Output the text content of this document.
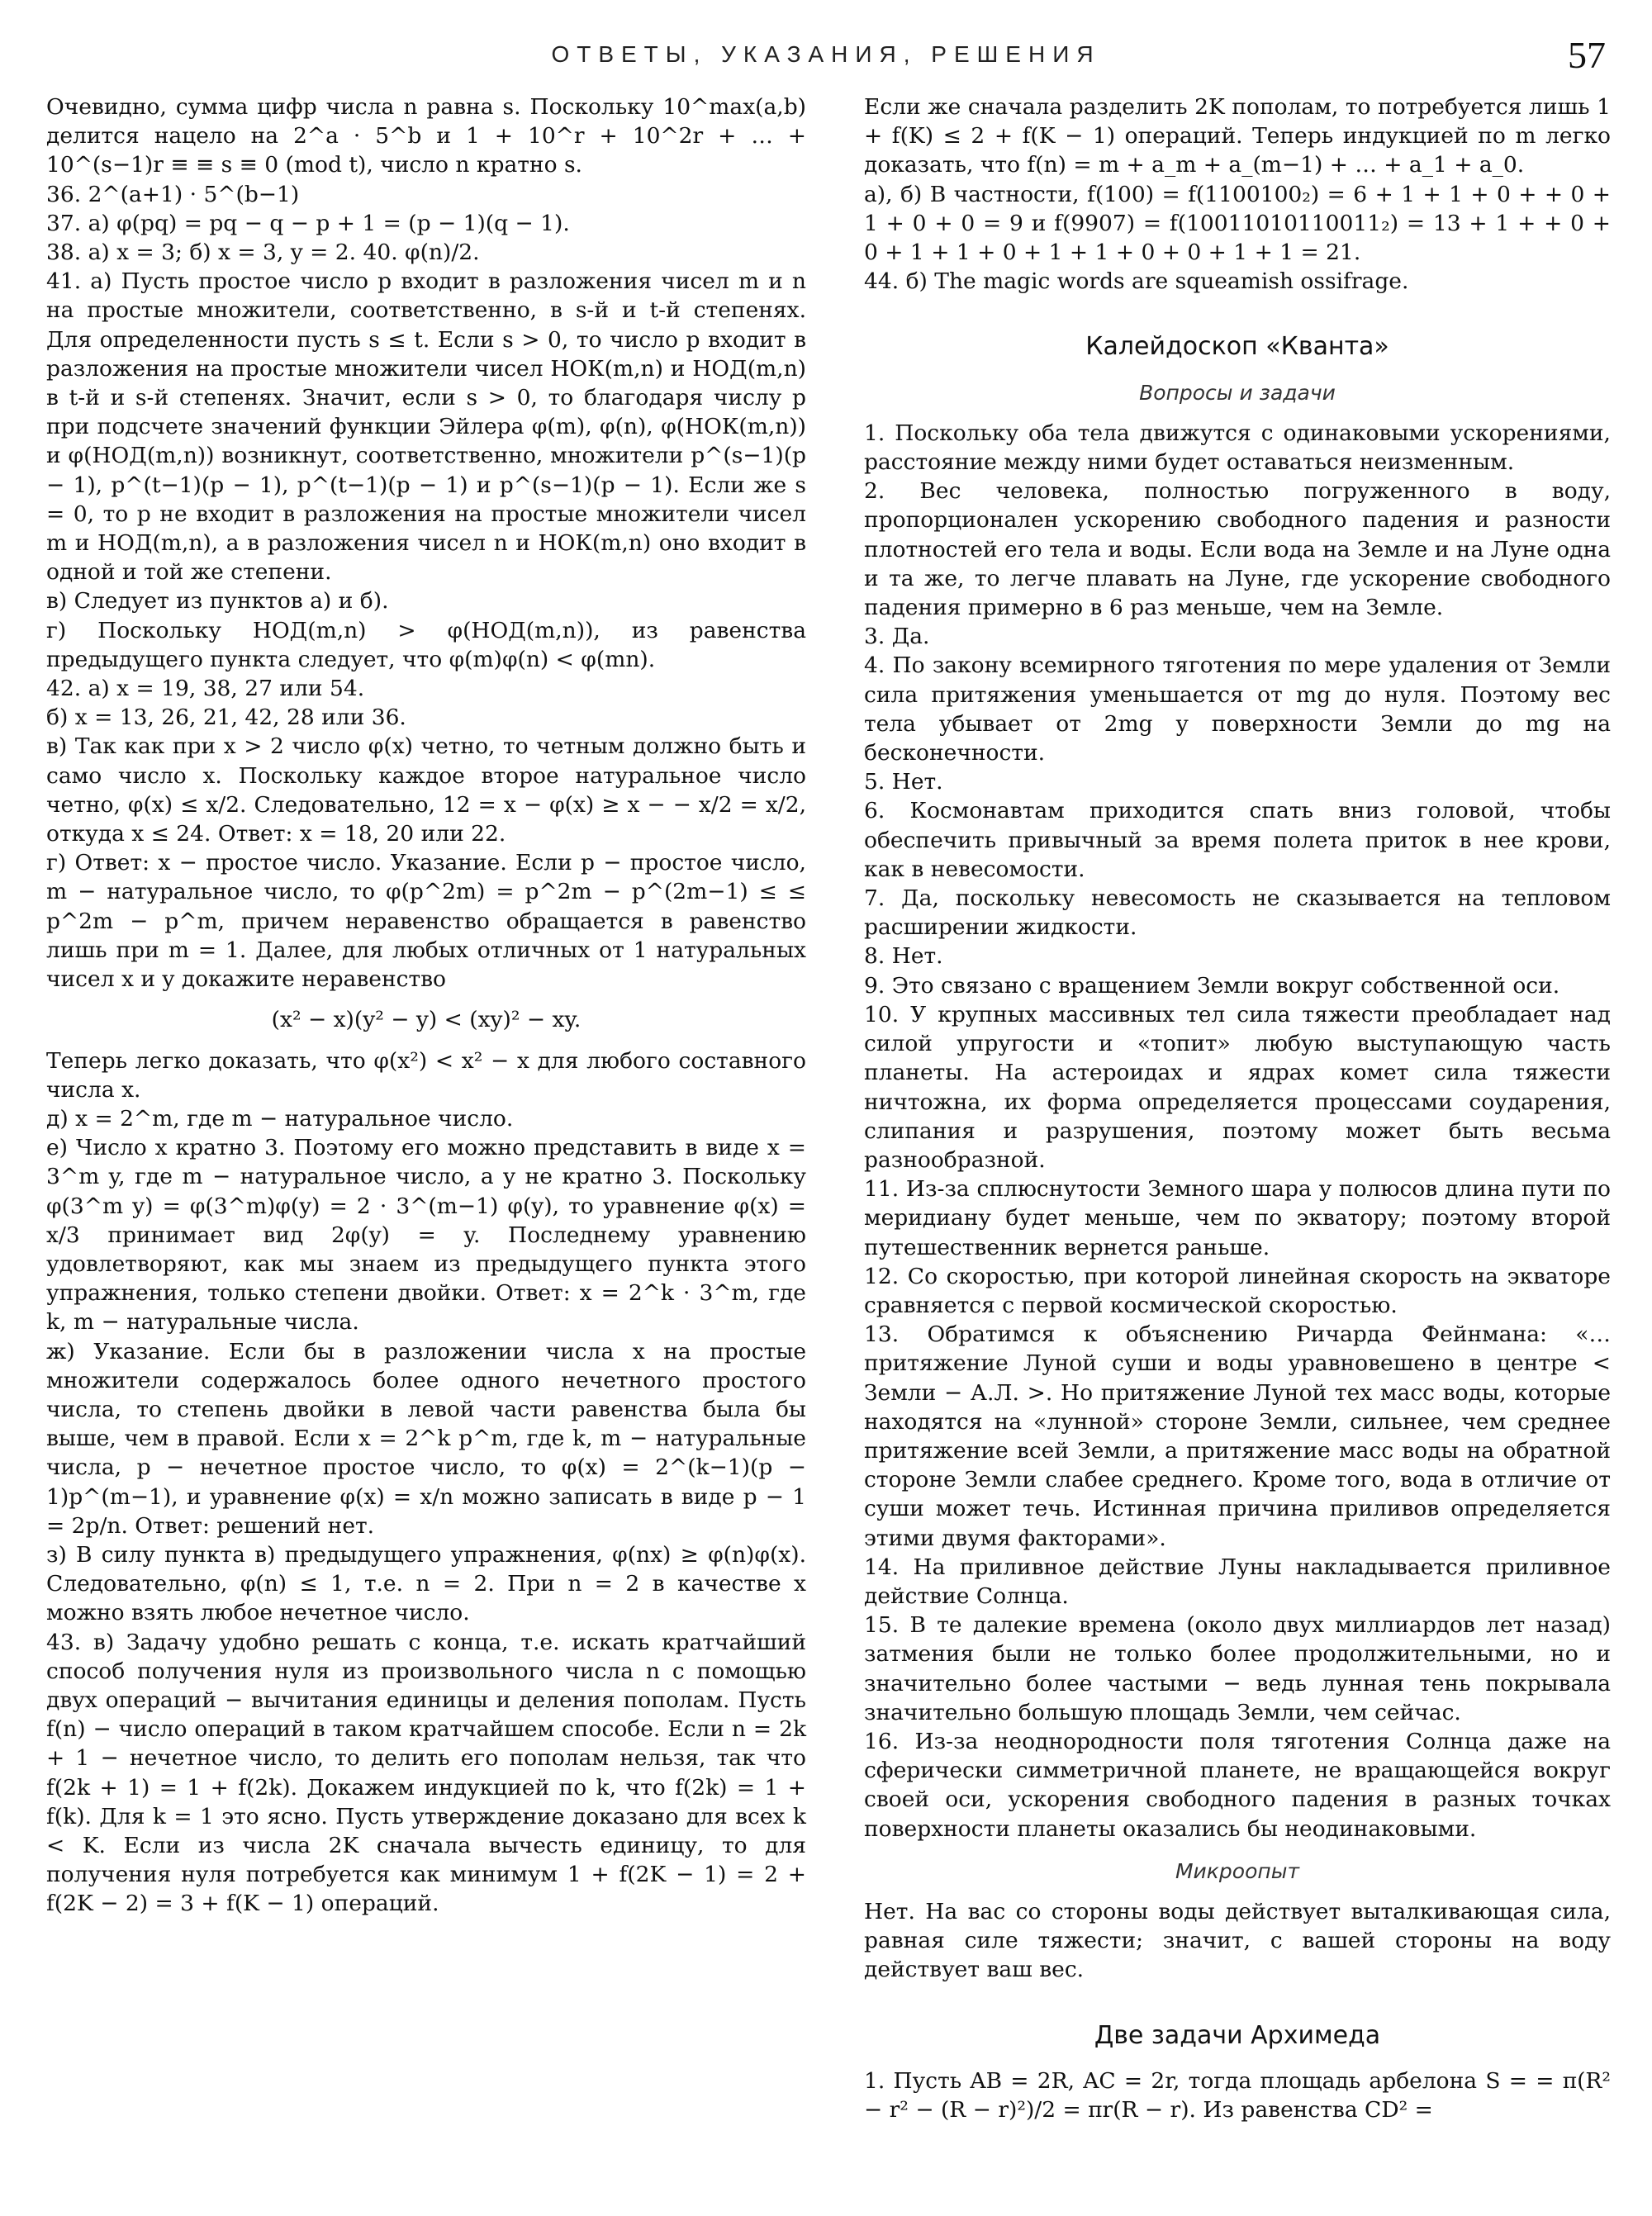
ОТВЕТЫ, УКАЗАНИЯ, РЕШЕНИЯ	57

Очевидно, сумма цифр числа n равна s. Поскольку 10^max(a,b) делится нацело на 2^a · 5^b и 1 + 10^r + 10^2r + … + 10^(s−1)r ≡ ≡ s ≡ 0 (mod t), число n кратно s.

36. 2^(a+1) · 5^(b−1)

37. а) φ(pq) = pq − q − p + 1 = (p − 1)(q − 1).

38. а) x = 3; б) x = 3, y = 2. 40. φ(n)/2.

41. а) Пусть простое число p входит в разложения чисел m и n на простые множители, соответственно, в s-й и t-й степенях. Для определенности пусть s ≤ t. Если s > 0, то число p входит в разложения на простые множители чисел НОК(m,n) и НОД(m,n) в t-й и s-й степенях. Значит, если s > 0, то благодаря числу p при подсчете значений функции Эйлера φ(m), φ(n), φ(НОК(m,n)) и φ(НОД(m,n)) возникнут, соответственно, множители p^(s−1)(p − 1), p^(t−1)(p − 1), p^(t−1)(p − 1) и p^(s−1)(p − 1). Если же s = 0, то p не входит в разложения на простые множители чисел m и НОД(m,n), а в разложения чисел n и НОК(m,n) оно входит в одной и той же степени.

в) Следует из пунктов а) и б).

г) Поскольку НОД(m,n) > φ(НОД(m,n)), из равенства предыдущего пункта следует, что φ(m)φ(n) < φ(mn).

42. а) x = 19, 38, 27 или 54.

б) x = 13, 26, 21, 42, 28 или 36.

в) Так как при x > 2 число φ(x) четно, то четным должно быть и само число x. Поскольку каждое второе натуральное число четно, φ(x) ≤ x/2. Следовательно, 12 = x − φ(x) ≥ x − − x/2 = x/2, откуда x ≤ 24. Ответ: x = 18, 20 или 22.

г) Ответ: x − простое число. Указание. Если p − простое число, m − натуральное число, то φ(p^2m) = p^2m − p^(2m−1) ≤ ≤ p^2m − p^m, причем неравенство обращается в равенство лишь при m = 1. Далее, для любых отличных от 1 натуральных чисел x и y докажите неравенство

(x² − x)(y² − y) < (xy)² − xy.

Теперь легко доказать, что φ(x²) < x² − x для любого составного числа x.

д) x = 2^m, где m − натуральное число.

е) Число x кратно 3. Поэтому его можно представить в виде x = 3^m y, где m − натуральное число, а y не кратно 3. Поскольку φ(3^m y) = φ(3^m)φ(y) = 2 · 3^(m−1) φ(y), то уравнение φ(x) = x/3 принимает вид 2φ(y) = y. Последнему уравнению удовлетворяют, как мы знаем из предыдущего пункта этого упражнения, только степени двойки. Ответ: x = 2^k · 3^m, где k, m − натуральные числа.

ж) Указание. Если бы в разложении числа x на простые множители содержалось более одного нечетного простого числа, то степень двойки в левой части равенства была бы выше, чем в правой. Если x = 2^k p^m, где k, m − натуральные числа, p − нечетное простое число, то φ(x) = 2^(k−1)(p − 1)p^(m−1), и уравнение φ(x) = x/n можно записать в виде p − 1 = 2p/n. Ответ: решений нет.

з) В силу пункта в) предыдущего упражнения, φ(nx) ≥ φ(n)φ(x). Следовательно, φ(n) ≤ 1, т.е. n = 2. При n = 2 в качестве x можно взять любое нечетное число.

43. в) Задачу удобно решать с конца, т.е. искать кратчайший способ получения нуля из произвольного числа n с помощью двух операций − вычитания единицы и деления пополам. Пусть f(n) − число операций в таком кратчайшем способе. Если n = 2k + 1 − нечетное число, то делить его пополам нельзя, так что f(2k + 1) = 1 + f(2k). Докажем индукцией по k, что f(2k) = 1 + f(k). Для k = 1 это ясно. Пусть утверждение доказано для всех k < K. Если из числа 2K сначала вычесть единицу, то для получения нуля потребуется как минимум 1 + f(2K − 1) = 2 + f(2K − 2) = 3 + f(K − 1) операций.

Если же сначала разделить 2K пополам, то потребуется лишь 1 + f(K) ≤ 2 + f(K − 1) операций. Теперь индукцией по m легко доказать, что f(n) = m + a_m + a_(m−1) + … + a_1 + a_0.

а), б) В частности, f(100) = f(1100100₂) = 6 + 1 + 1 + 0 + + 0 + 1 + 0 + 0 = 9 и f(9907) = f(10011010110011₂) = 13 + 1 + + 0 + 0 + 1 + 1 + 0 + 1 + 1 + 0 + 0 + 1 + 1 = 21.

44. б) The magic words are squeamish ossifrage.

Калейдоскоп «Кванта»
Вопросы и задачи

1. Поскольку оба тела движутся с одинаковыми ускорениями, расстояние между ними будет оставаться неизменным.

2. Вес человека, полностью погруженного в воду, пропорционален ускорению свободного падения и разности плотностей его тела и воды. Если вода на Земле и на Луне одна и та же, то легче плавать на Луне, где ускорение свободного падения примерно в 6 раз меньше, чем на Земле.

3. Да.

4. По закону всемирного тяготения по мере удаления от Земли сила притяжения уменьшается от mg до нуля. Поэтому вес тела убывает от 2mg у поверхности Земли до mg на бесконечности.

5. Нет.

6. Космонавтам приходится спать вниз головой, чтобы обеспечить привычный за время полета приток в нее крови, как в невесомости.

7. Да, поскольку невесомость не сказывается на тепловом расширении жидкости.

8. Нет.

9. Это связано с вращением Земли вокруг собственной оси.

10. У крупных массивных тел сила тяжести преобладает над силой упругости и «топит» любую выступающую часть планеты. На астероидах и ядрах комет сила тяжести ничтожна, их форма определяется процессами соударения, слипания и разрушения, поэтому может быть весьма разнообразной.

11. Из-за сплюснутости Земного шара у полюсов длина пути по меридиану будет меньше, чем по экватору; поэтому второй путешественник вернется раньше.

12. Со скоростью, при которой линейная скорость на экваторе сравняется с первой космической скоростью.

13. Обратимся к объяснению Ричарда Фейнмана: «… притяжение Луной суши и воды уравновешено в центре < Земли − А.Л. >. Но притяжение Луной тех масс воды, которые находятся на «лунной» стороне Земли, сильнее, чем среднее притяжение всей Земли, а притяжение масс воды на обратной стороне Земли слабее среднего. Кроме того, вода в отличие от суши может течь. Истинная причина приливов определяется этими двумя факторами».

14. На приливное действие Луны накладывается приливное действие Солнца.

15. В те далекие времена (около двух миллиардов лет назад) затмения были не только более продолжительными, но и значительно более частыми − ведь лунная тень покрывала значительно большую площадь Земли, чем сейчас.

16. Из-за неоднородности поля тяготения Солнца даже на сферически симметричной планете, не вращающейся вокруг своей оси, ускорения свободного падения в разных точках поверхности планеты оказались бы неодинаковыми.

Микроопыт

Нет. На вас со стороны воды действует выталкивающая сила, равная силе тяжести; значит, с вашей стороны на воду действует ваш вес.

Две задачи Архимеда

1. Пусть AB = 2R, AC = 2r, тогда площадь арбелона S = = π(R² − r² − (R − r)²)/2 = πr(R − r). Из равенства CD² =
